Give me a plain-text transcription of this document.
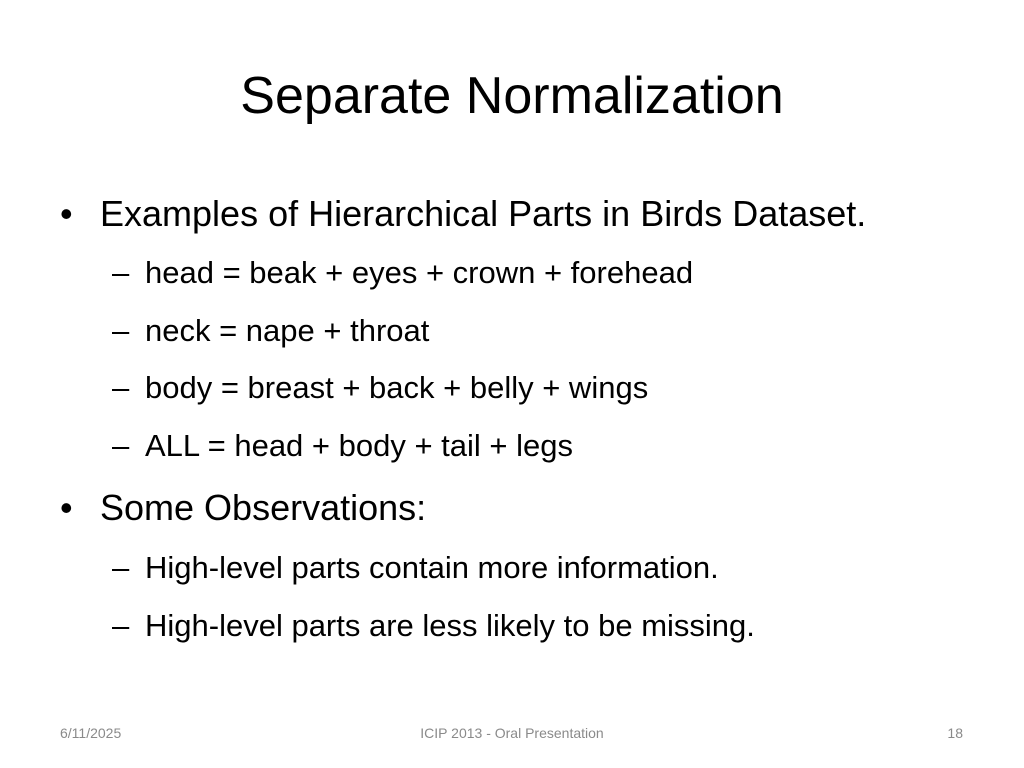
Separate Normalization
• Examples of Hierarchical Parts in Birds Dataset.
– head = beak + eyes + crown + forehead
– neck = nape + throat
– body = breast + back + belly + wings
– ALL = head + body + tail + legs
• Some Observations:
– High-level parts contain more information.
– High-level parts are less likely to be missing.
6/11/2025	ICIP 2013 - Oral Presentation	18
